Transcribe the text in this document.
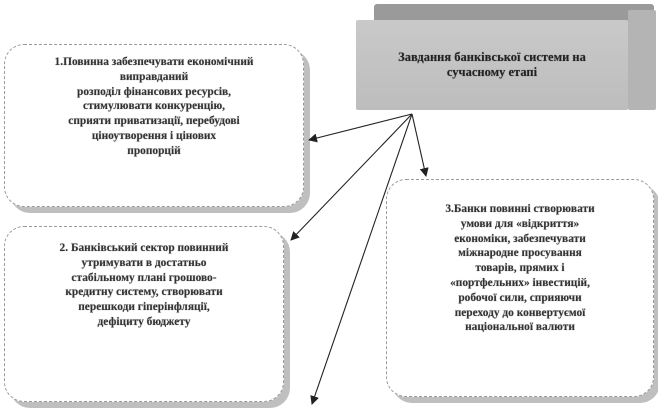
Завдання банківської системи на
сучасному етапі
1.Повинна забезпечувати економічний
виправданий
розподіл фінансових ресурсів,
стимулювати конкуренцію,
сприяти приватизації, перебудові
ціноутворення і цінових
пропорцій
2. Банківський сектор повинний
утримувати в достатньо
стабільному плані грошово-
кредитну систему, створювати
перешкоди гіперінфляції,
дефіциту бюджету
3.Банки повинні створювати
умови для «відкриття»
економіки, забезпечувати
міжнародне просування
товарів, прямих і
«портфельних» інвестицій,
робочої сили, сприяючи
переходу до конвертуємої
національної валюти
